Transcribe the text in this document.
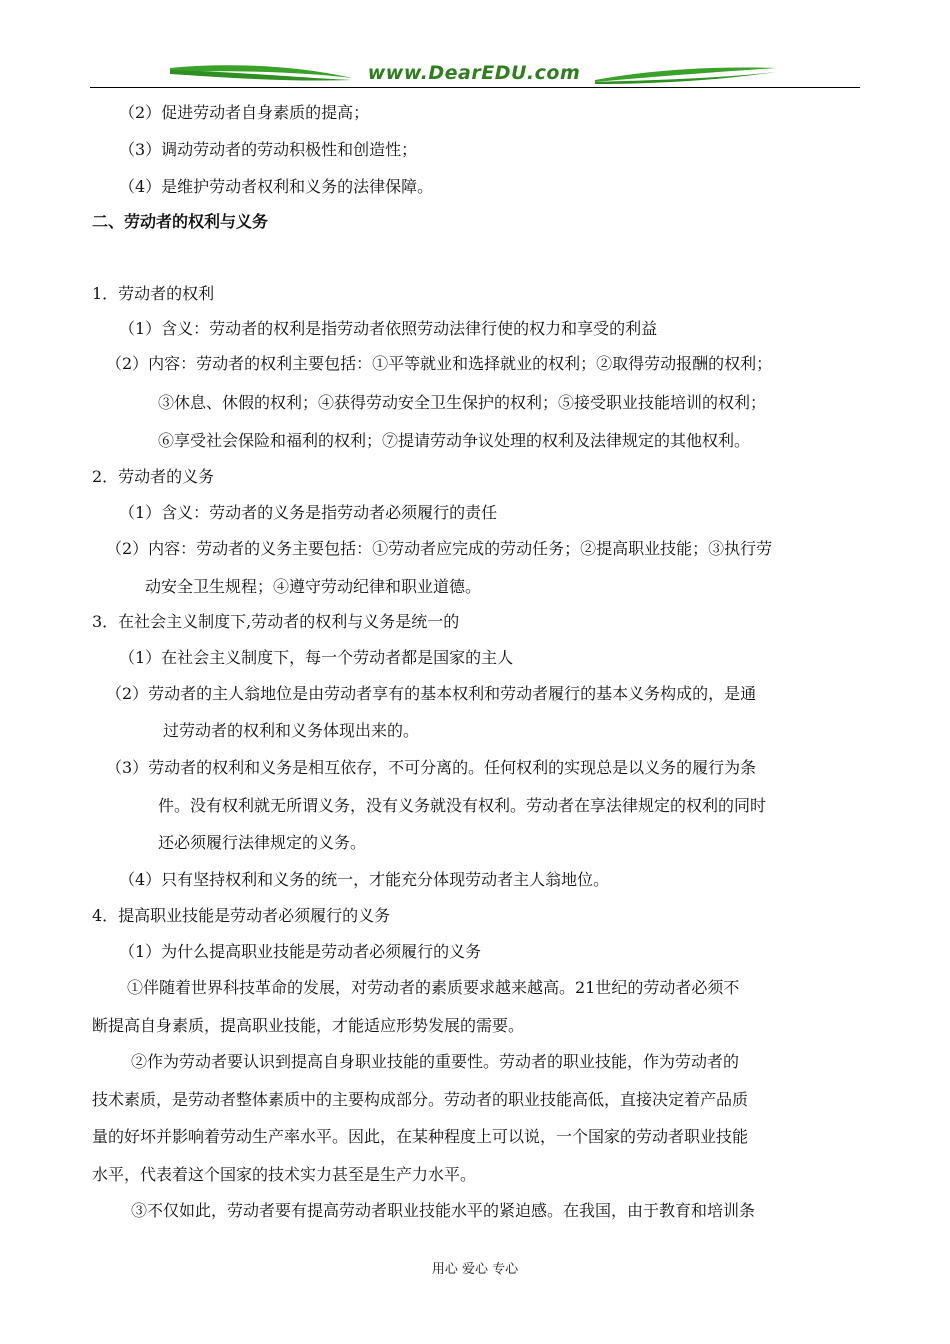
www.DearEDU.com
（2）促进劳动者自身素质的提高；
（3）调动劳动者的劳动积极性和创造性；
（4）是维护劳动者权利和义务的法律保障。
二、劳动者的权利与义务
1．劳动者的权利
（1）含义：劳动者的权利是指劳动者依照劳动法律行使的权力和享受的利益
（2）内容：劳动者的权利主要包括：①平等就业和选择就业的权利；②取得劳动报酬的权利；
③休息、休假的权利；④获得劳动安全卫生保护的权利；⑤接受职业技能培训的权利；
⑥享受社会保险和福利的权利；⑦提请劳动争议处理的权利及法律规定的其他权利。
2．劳动者的义务
（1）含义：劳动者的义务是指劳动者必须履行的责任
（2）内容：劳动者的义务主要包括：①劳动者应完成的劳动任务；②提高职业技能；③执行劳
动安全卫生规程；④遵守劳动纪律和职业道德。
3．在社会主义制度下,劳动者的权利与义务是统一的
（1）在社会主义制度下，每一个劳动者都是国家的主人
（2）劳动者的主人翁地位是由劳动者享有的基本权利和劳动者履行的基本义务构成的，是通
过劳动者的权利和义务体现出来的。
（3）劳动者的权利和义务是相互依存，不可分离的。任何权利的实现总是以义务的履行为条
件。没有权利就无所谓义务，没有义务就没有权利。劳动者在享法律规定的权利的同时
还必须履行法律规定的义务。
（4）只有坚持权利和义务的统一，才能充分体现劳动者主人翁地位。
4．提高职业技能是劳动者必须履行的义务
（1）为什么提高职业技能是劳动者必须履行的义务
①伴随着世界科技革命的发展，对劳动者的素质要求越来越高。21世纪的劳动者必须不
断提高自身素质，提高职业技能，才能适应形势发展的需要。
②作为劳动者要认识到提高自身职业技能的重要性。劳动者的职业技能，作为劳动者的
技术素质，是劳动者整体素质中的主要构成部分。劳动者的职业技能高低，直接决定着产品质
量的好坏并影响着劳动生产率水平。因此，在某种程度上可以说，一个国家的劳动者职业技能
水平，代表着这个国家的技术实力甚至是生产力水平。
③不仅如此，劳动者要有提高劳动者职业技能水平的紧迫感。在我国，由于教育和培训条
用心 爱心 专心
